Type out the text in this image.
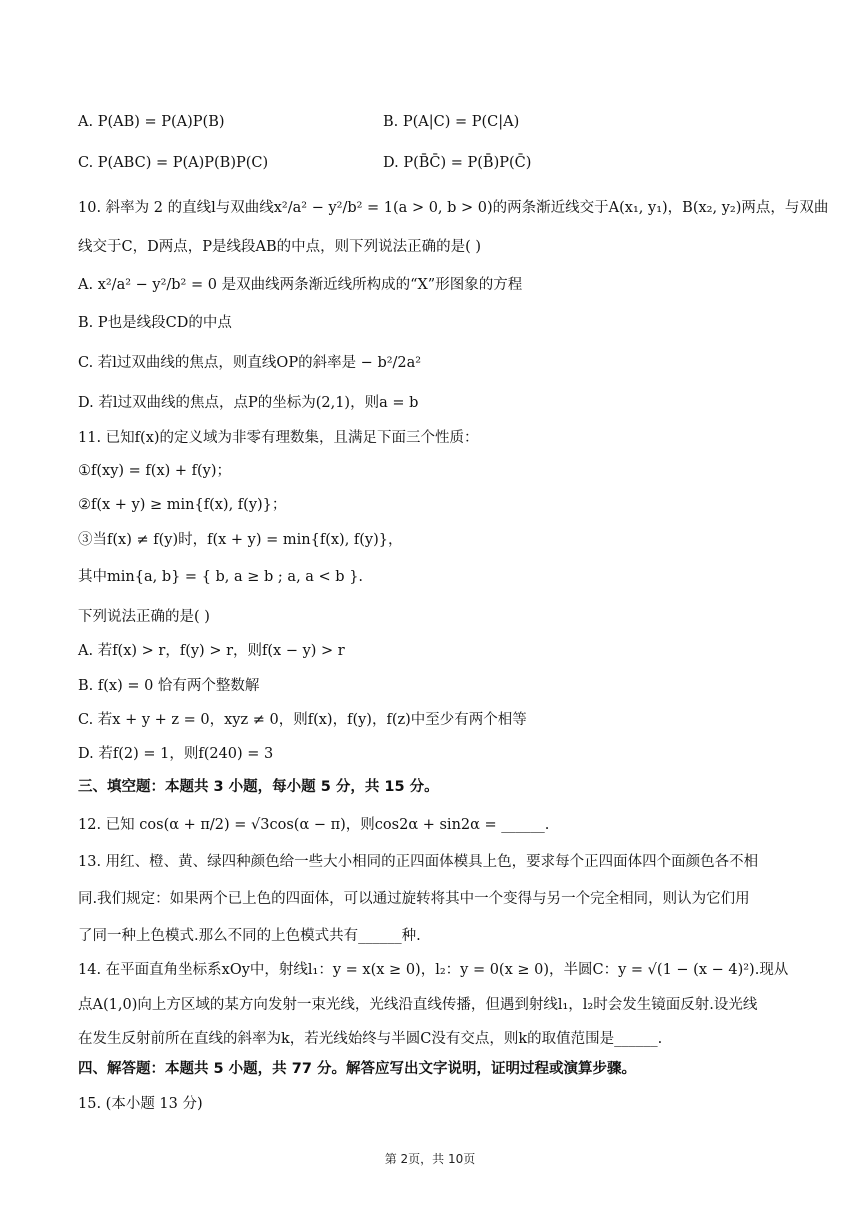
A. P(AB) = P(A)P(B)	B. P(A|C) = P(C|A)
C. P(ABC) = P(A)P(B)P(C)	D. P(B̄C̄) = P(B̄)P(C̄)
10. 斜率为 2 的直线l与双曲线x²/a² − y²/b² = 1(a > 0, b > 0)的两条渐近线交于A(x₁, y₁)，B(x₂, y₂)两点，与双曲
线交于C，D两点，P是线段AB的中点，则下列说法正确的是( )
A. x²/a² − y²/b² = 0 是双曲线两条渐近线所构成的“X”形图象的方程
B. P也是线段CD的中点
C. 若l过双曲线的焦点，则直线OP的斜率是 − b²/2a²
D. 若l过双曲线的焦点，点P的坐标为(2,1)，则a = b
11. 已知f(x)的定义域为非零有理数集，且满足下面三个性质：
①f(xy) = f(x) + f(y)；
②f(x + y) ≥ min{f(x), f(y)}；
③当f(x) ≠ f(y)时，f(x + y) = min{f(x), f(y)}，
其中min{a, b} = { b, a ≥ b ; a, a < b }.
下列说法正确的是( )
A. 若f(x) > r，f(y) > r，则f(x − y) > r
B. f(x) = 0 恰有两个整数解
C. 若x + y + z = 0，xyz ≠ 0，则f(x)，f(y)，f(z)中至少有两个相等
D. 若f(2) = 1，则f(240) = 3
三、填空题：本题共 3 小题，每小题 5 分，共 15 分。
12. 已知 cos(α + π/2) = √3cos(α − π)，则cos2α + sin2α = ______.
13. 用红、橙、黄、绿四种颜色给一些大小相同的正四面体模具上色，要求每个正四面体四个面颜色各不相
同.我们规定：如果两个已上色的四面体，可以通过旋转将其中一个变得与另一个完全相同，则认为它们用
了同一种上色模式.那么不同的上色模式共有______种.
14. 在平面直角坐标系xOy中，射线l₁：y = x(x ≥ 0)，l₂：y = 0(x ≥ 0)，半圆C：y = √(1 − (x − 4)²).现从
点A(1,0)向上方区域的某方向发射一束光线，光线沿直线传播，但遇到射线l₁，l₂时会发生镜面反射.设光线
在发生反射前所在直线的斜率为k，若光线始终与半圆C没有交点，则k的取值范围是______.
四、解答题：本题共 5 小题，共 77 分。解答应写出文字说明，证明过程或演算步骤。
15. (本小题 13 分)
第 2页，共 10页
